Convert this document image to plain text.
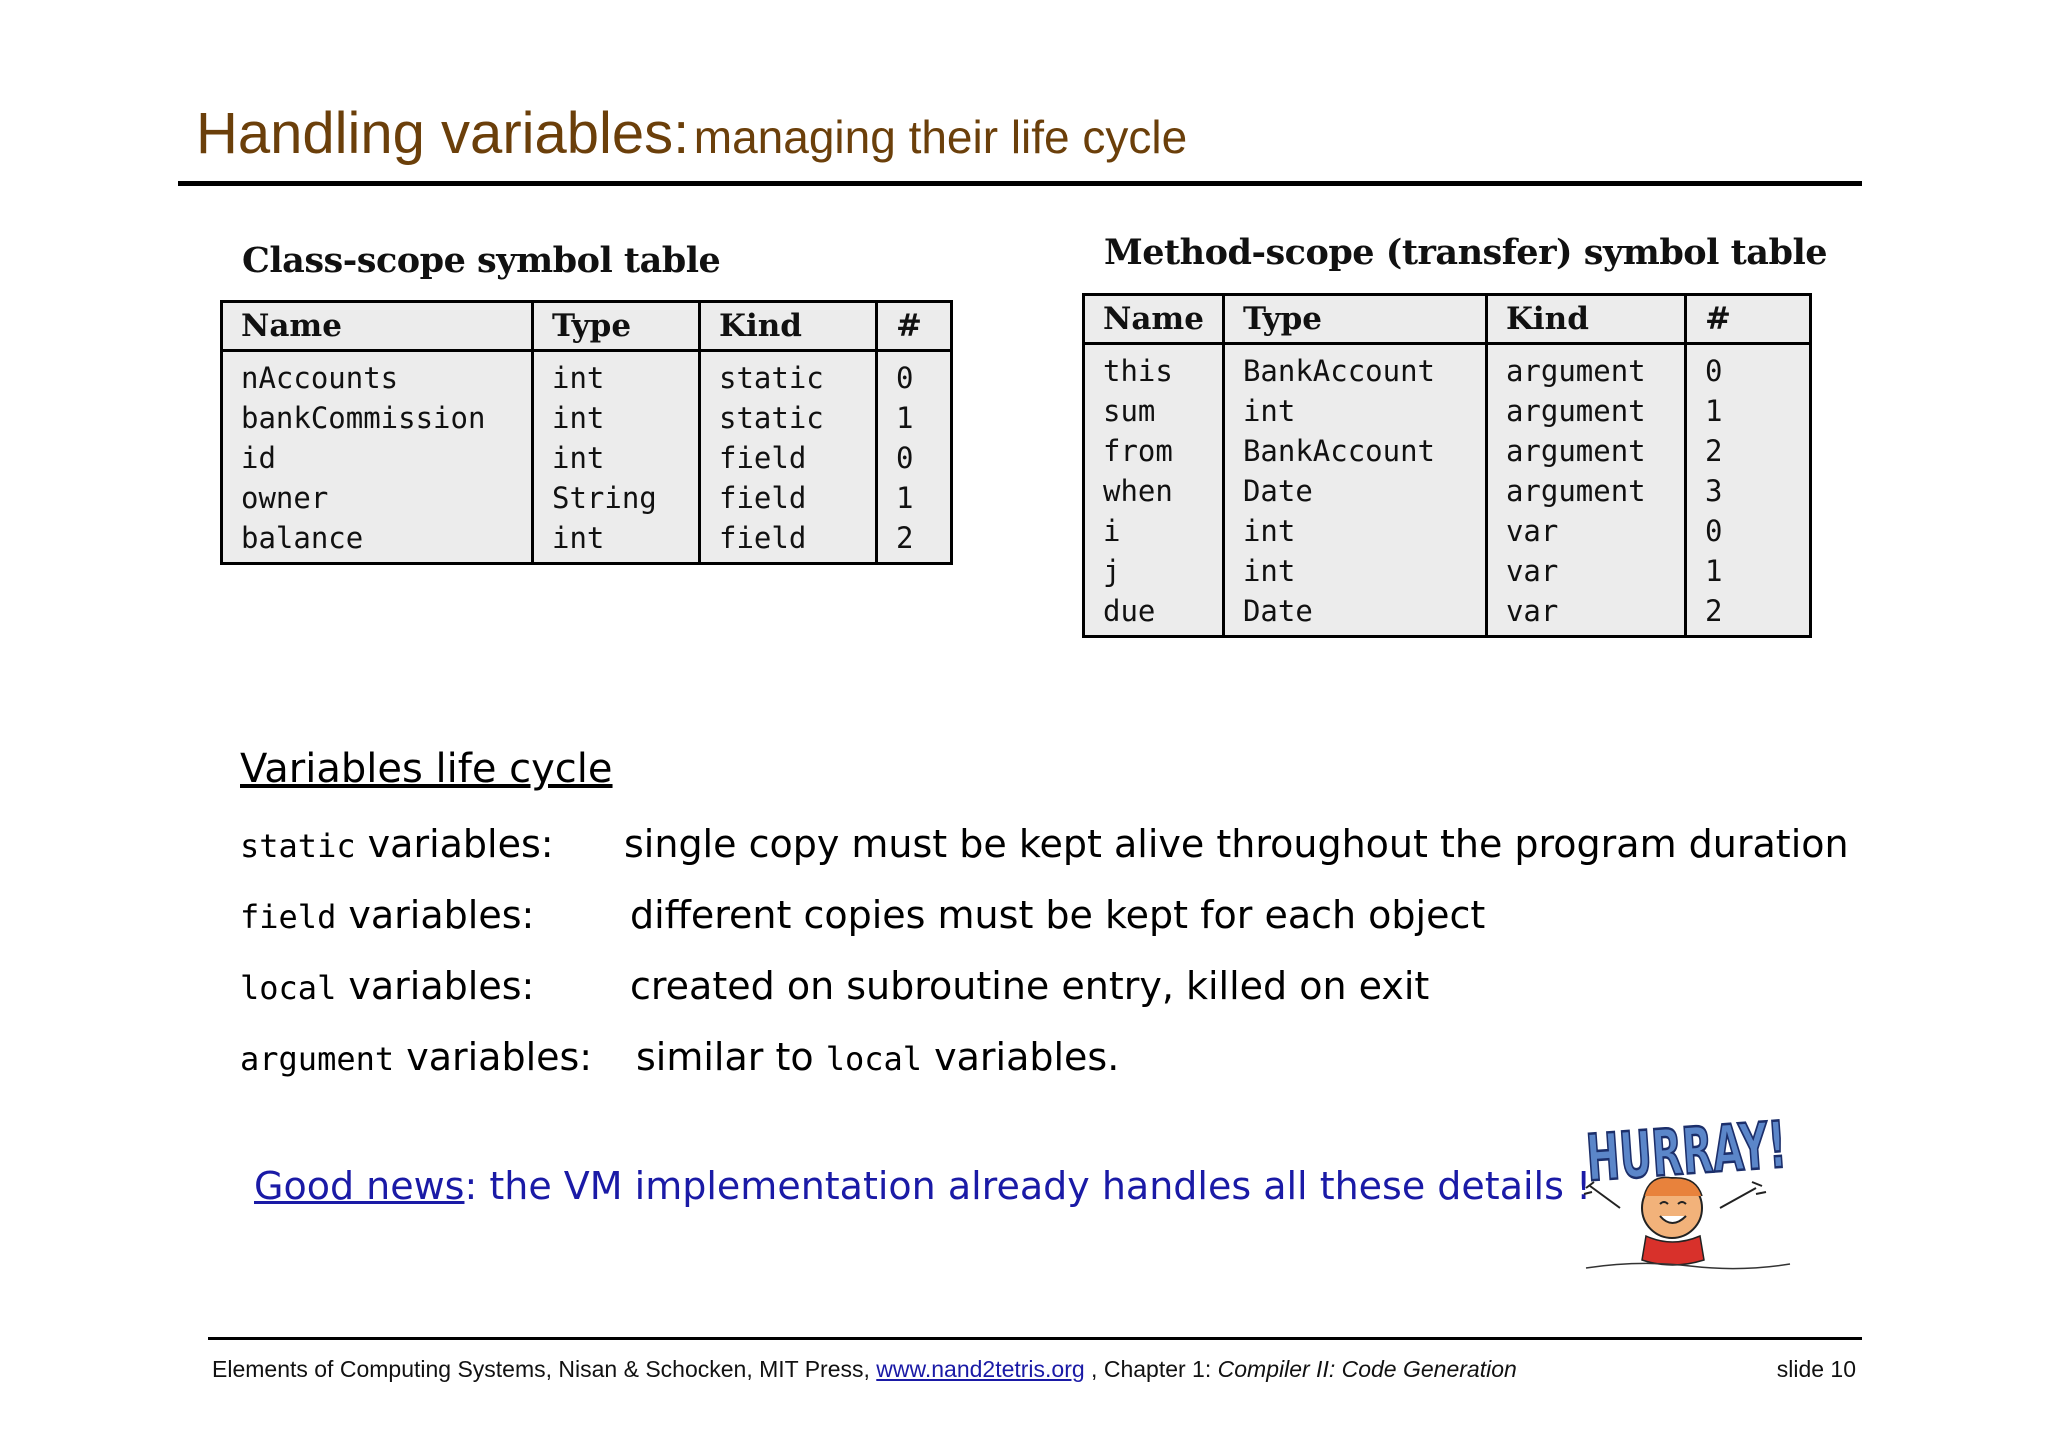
Handling variables: managing their life cycle
Class-scope symbol table
Name	Type	Kind	#
nAccounts	int	static	0
bankCommission	int	static	1
id	int	field	0
owner	String	field	1
balance	int	field	2
Method-scope (transfer) symbol table
Name	Type	Kind	#
this	BankAccount	argument	0
sum	int	argument	1
from	BankAccount	argument	2
when	Date	argument	3
i	int	var	0
j	int	var	1
due	Date	var	2
Variables life cycle
static variables: single copy must be kept alive throughout the program duration
field variables:	different copies must be kept for each object
local variables:	created on subroutine entry, killed on exit
argument variables: similar to local variables.
Good news: the VM implementation already handles all these details !
HURRAY!
Elements of Computing Systems, Nisan & Schocken, MIT Press, www.nand2tetris.org , Chapter 1: Compiler II: Code Generation	slide 10
